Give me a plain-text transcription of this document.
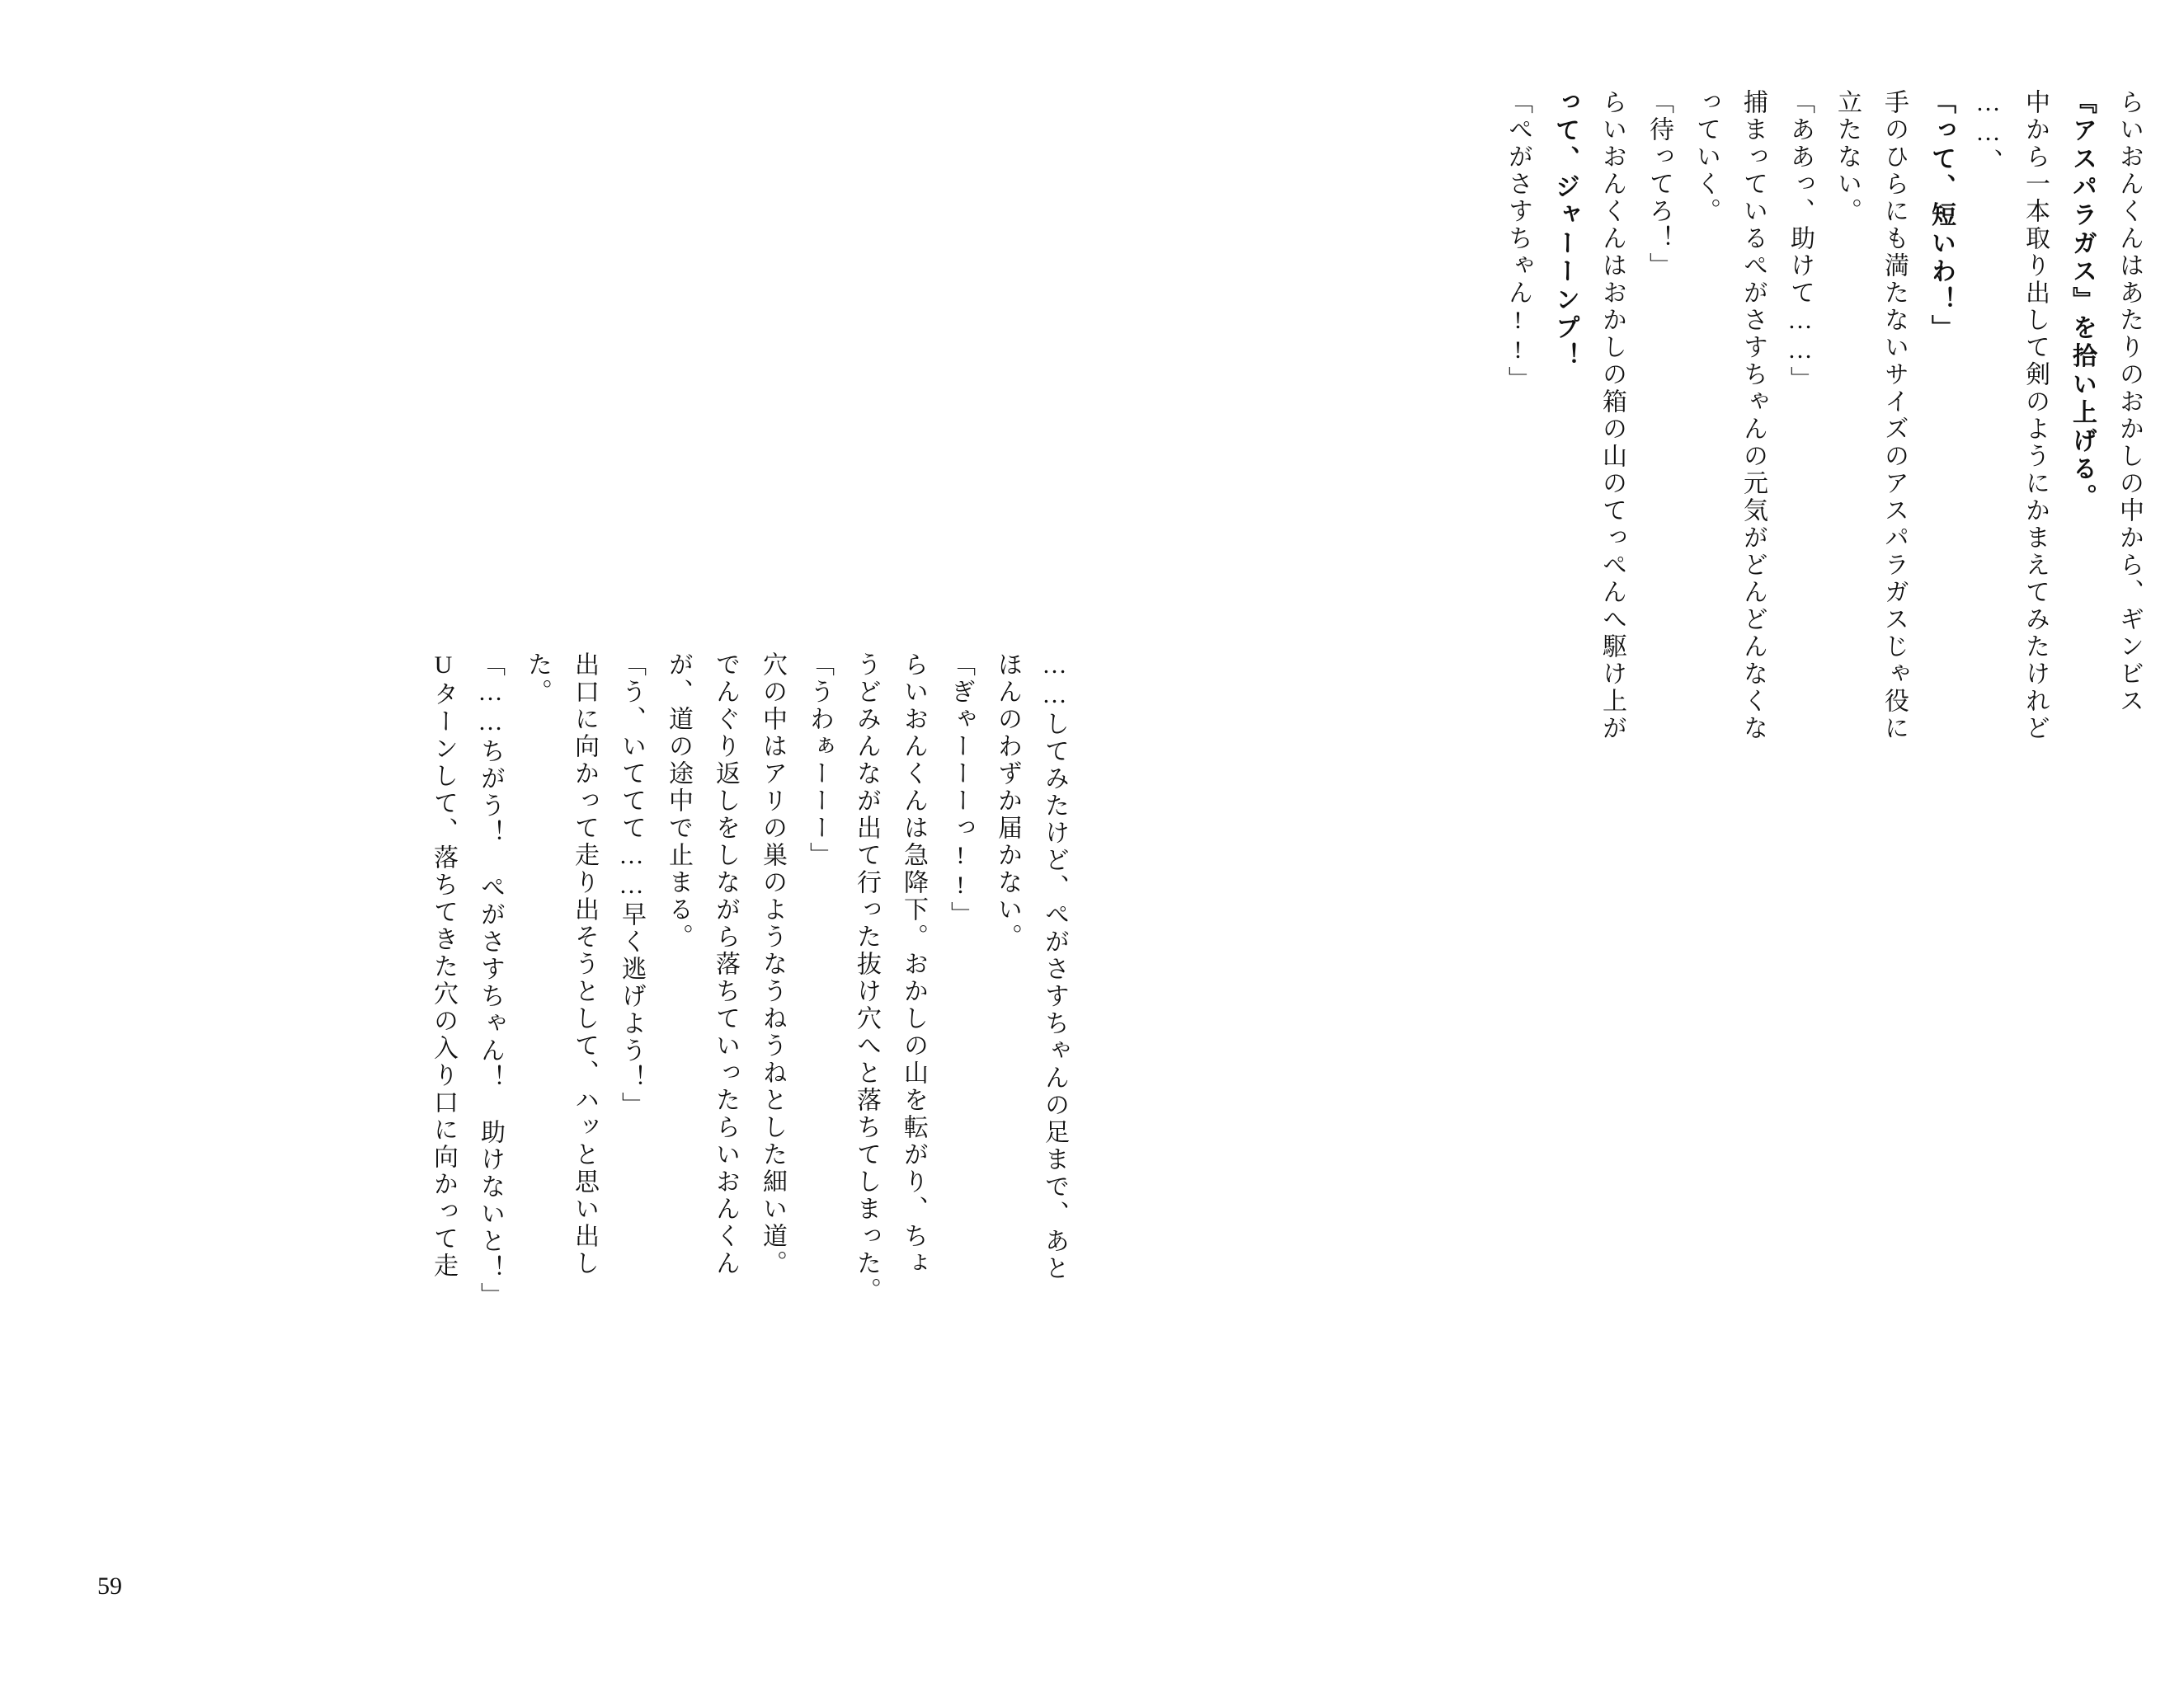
らいおんくんはあたりのおかしの中から、ギンビス
『アスパラガス』を拾い上げる。
中から一本取り出して剣のようにかまえてみたけれど
……、
「って、短いわ！」
手のひらにも満たないサイズのアスパラガスじゃ役に
立たない。
「ああっ、助けて……」
捕まっているぺがさすちゃんの元気がどんどんなくな
っていく。
「待ってろ！」
らいおんくんはおかしの箱の山のてっぺんへ駆け上が
って、ジャーーンプ！
「ぺがさすちゃん!!」
……してみたけど、ぺがさすちゃんの足まで、あと
ほんのわずか届かない。
「ぎゃーーーっ!!」
らいおんくんは急降下。おかしの山を転がり、ちょ
うどみんなが出て行った抜け穴へと落ちてしまった。
「うわぁーーー」
穴の中はアリの巣のようなうねうねとした細い道。
でんぐり返しをしながら落ちていったらいおんくん
が、道の途中で止まる。
「う、いててて……早く逃げよう！」
出口に向かって走り出そうとして、ハッと思い出し
た。
「……ちがう！　ぺがさすちゃん！　助けないと！」
Uターンして、落ちてきた穴の入り口に向かって走
59
